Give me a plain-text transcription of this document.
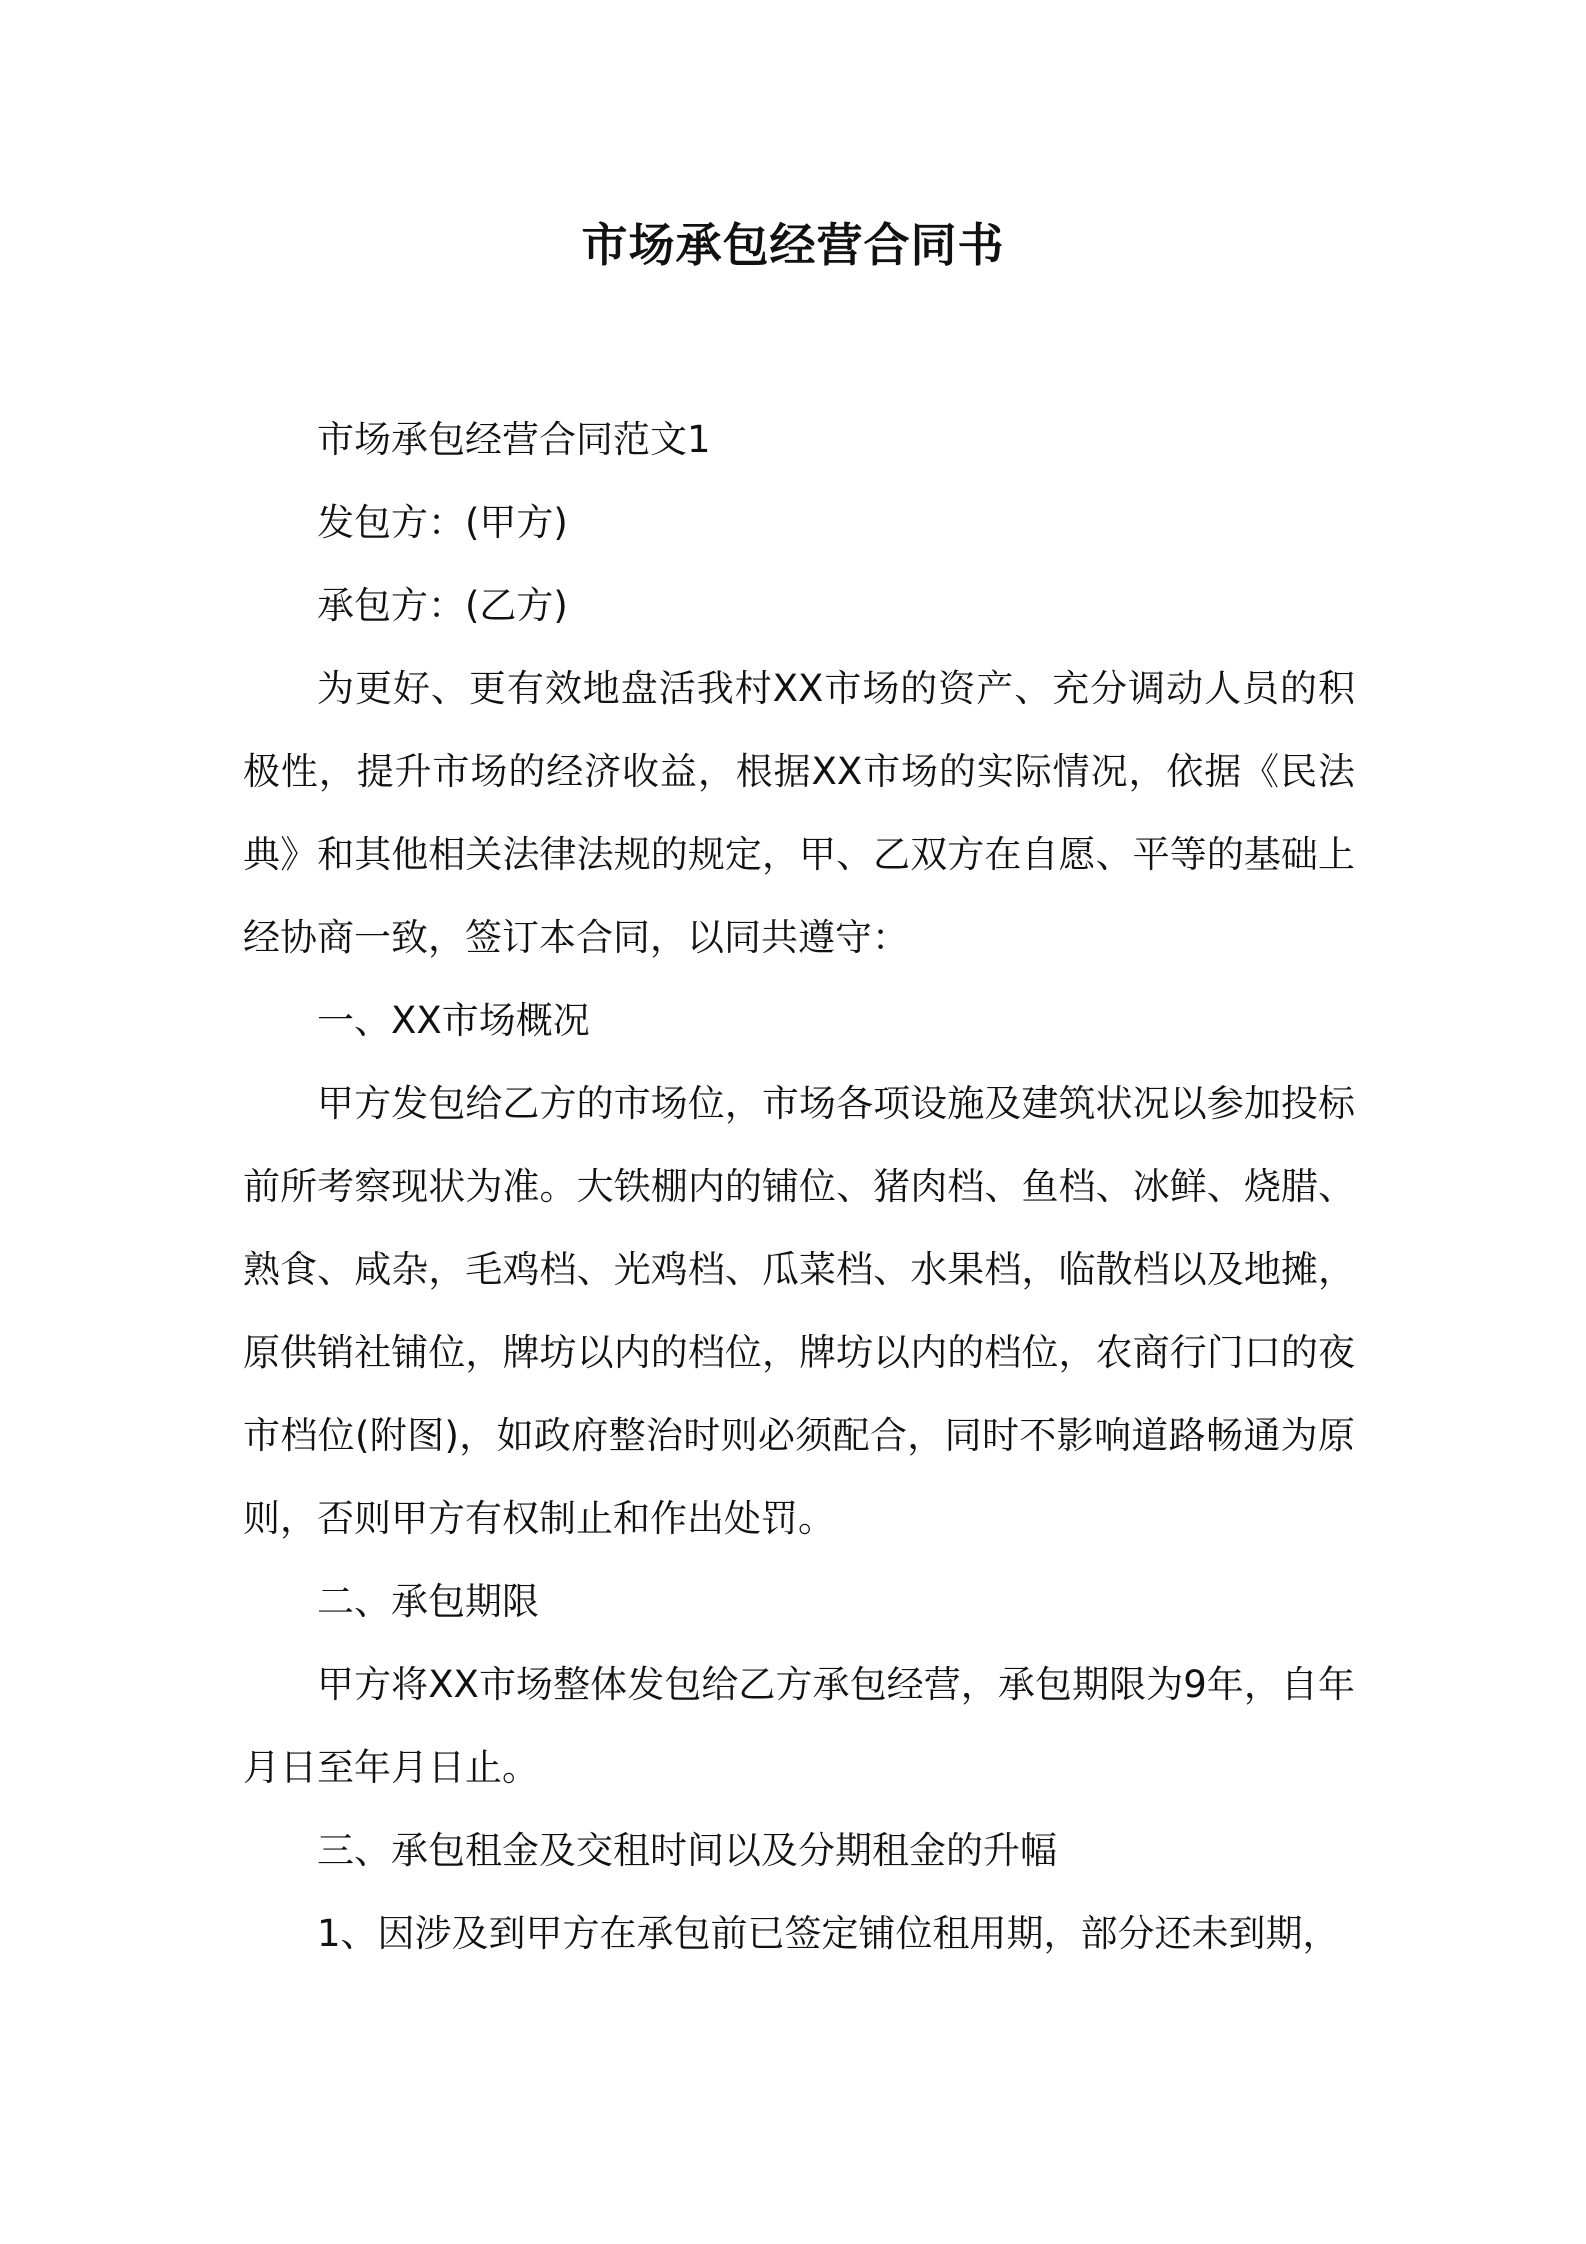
市场承包经营合同书

市场承包经营合同范文1

发包方：(甲方)

承包方：(乙方)

为更好、更有效地盘活我村XX市场的资产、充分调动人员的积极性，提升市场的经济收益，根据XX市场的实际情况，依据《民法典》和其他相关法律法规的规定，甲、乙双方在自愿、平等的基础上经协商一致，签订本合同，以同共遵守：

一、XX市场概况

甲方发包给乙方的市场位，市场各项设施及建筑状况以参加投标前所考察现状为准。大铁棚内的铺位、猪肉档、鱼档、冰鲜、烧腊、熟食、咸杂，毛鸡档、光鸡档、瓜菜档、水果档，临散档以及地摊，原供销社铺位，牌坊以内的档位，牌坊以内的档位，农商行门口的夜市档位(附图)，如政府整治时则必须配合，同时不影响道路畅通为原则，否则甲方有权制止和作出处罚。

二、承包期限

甲方将XX市场整体发包给乙方承包经营，承包期限为9年，自年月日至年月日止。

三、承包租金及交租时间以及分期租金的升幅

1、因涉及到甲方在承包前已签定铺位租用期，部分还未到期，
